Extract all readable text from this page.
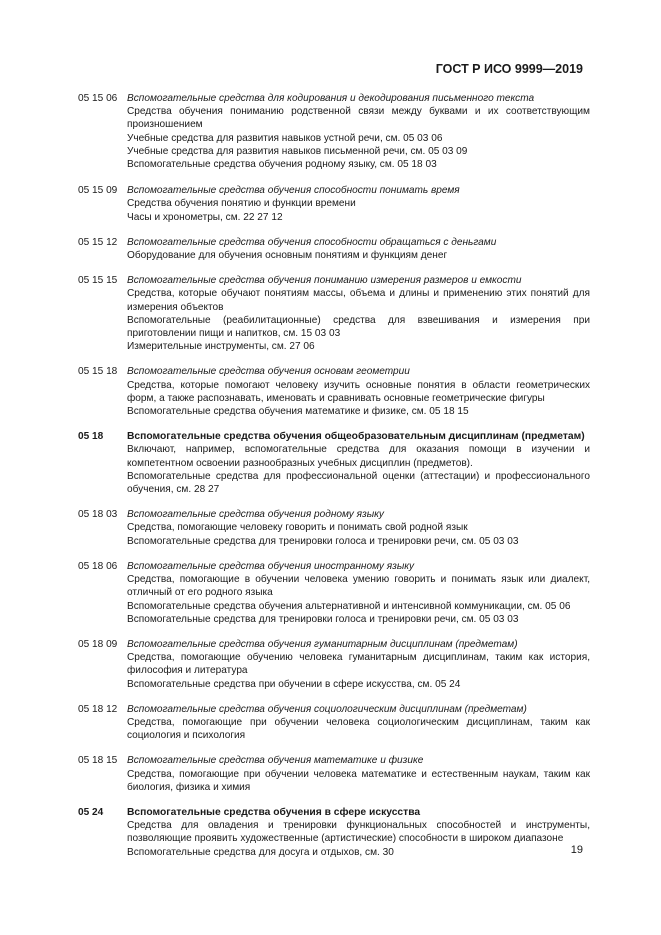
ГОСТ Р ИСО 9999—2019
05 15 06 Вспомогательные средства для кодирования и декодирования письменного текста
Средства обучения пониманию родственной связи между буквами и их соответствующим произношением
Учебные средства для развития навыков устной речи, см. 05 03 06
Учебные средства для развития навыков письменной речи, см. 05 03 09
Вспомогательные средства обучения родному языку, см. 05 18 03
05 15 09 Вспомогательные средства обучения способности понимать время
Средства обучения понятию и функции времени
Часы и хронометры, см. 22 27 12
05 15 12 Вспомогательные средства обучения способности обращаться с деньгами
Оборудование для обучения основным понятиям и функциям денег
05 15 15 Вспомогательные средства обучения пониманию измерения размеров и емкости
Средства, которые обучают понятиям массы, объема и длины и применению этих понятий для измерения объектов
Вспомогательные (реабилитационные) средства для взвешивания и измерения при приготовлении пищи и напитков, см. 15 03 03
Измерительные инструменты, см. 27 06
05 15 18 Вспомогательные средства обучения основам геометрии
Средства, которые помогают человеку изучить основные понятия в области геометрических форм, а также распознавать, именовать и сравнивать основные геометрические фигуры
Вспомогательные средства обучения математике и физике, см. 05 18 15
05 18	Вспомогательные средства обучения общеобразовательным дисциплинам (предметам)
Включают, например, вспомогательные средства для оказания помощи в изучении и компетентном освоении разнообразных учебных дисциплин (предметов).
Вспомогательные средства для профессиональной оценки (аттестации) и профессионального обучения, см. 28 27
05 18 03 Вспомогательные средства обучения родному языку
Средства, помогающие человеку говорить и понимать свой родной язык
Вспомогательные средства для тренировки голоса и тренировки речи, см. 05 03 03
05 18 06 Вспомогательные средства обучения иностранному языку
Средства, помогающие в обучении человека умению говорить и понимать язык или диалект, отличный от его родного языка
Вспомогательные средства обучения альтернативной и интенсивной коммуникации, см. 05 06
Вспомогательные средства для тренировки голоса и тренировки речи, см. 05 03 03
05 18 09 Вспомогательные средства обучения гуманитарным дисциплинам (предметам)
Средства, помогающие обучению человека гуманитарным дисциплинам, таким как история, философия и литература
Вспомогательные средства при обучении в сфере искусства, см. 05 24
05 18 12 Вспомогательные средства обучения социологическим дисциплинам (предметам)
Средства, помогающие при обучении человека социологическим дисциплинам, таким как социология и психология
05 18 15 Вспомогательные средства обучения математике и физике
Средства, помогающие при обучении человека математике и естественным наукам, таким как биология, физика и химия
05 24	Вспомогательные средства обучения в сфере искусства
Средства для овладения и тренировки функциональных способностей и инструменты, позволяющие проявить художественные (артистические) способности в широком диапазоне
Вспомогательные средства для досуга и отдыхов, см. 30	19
